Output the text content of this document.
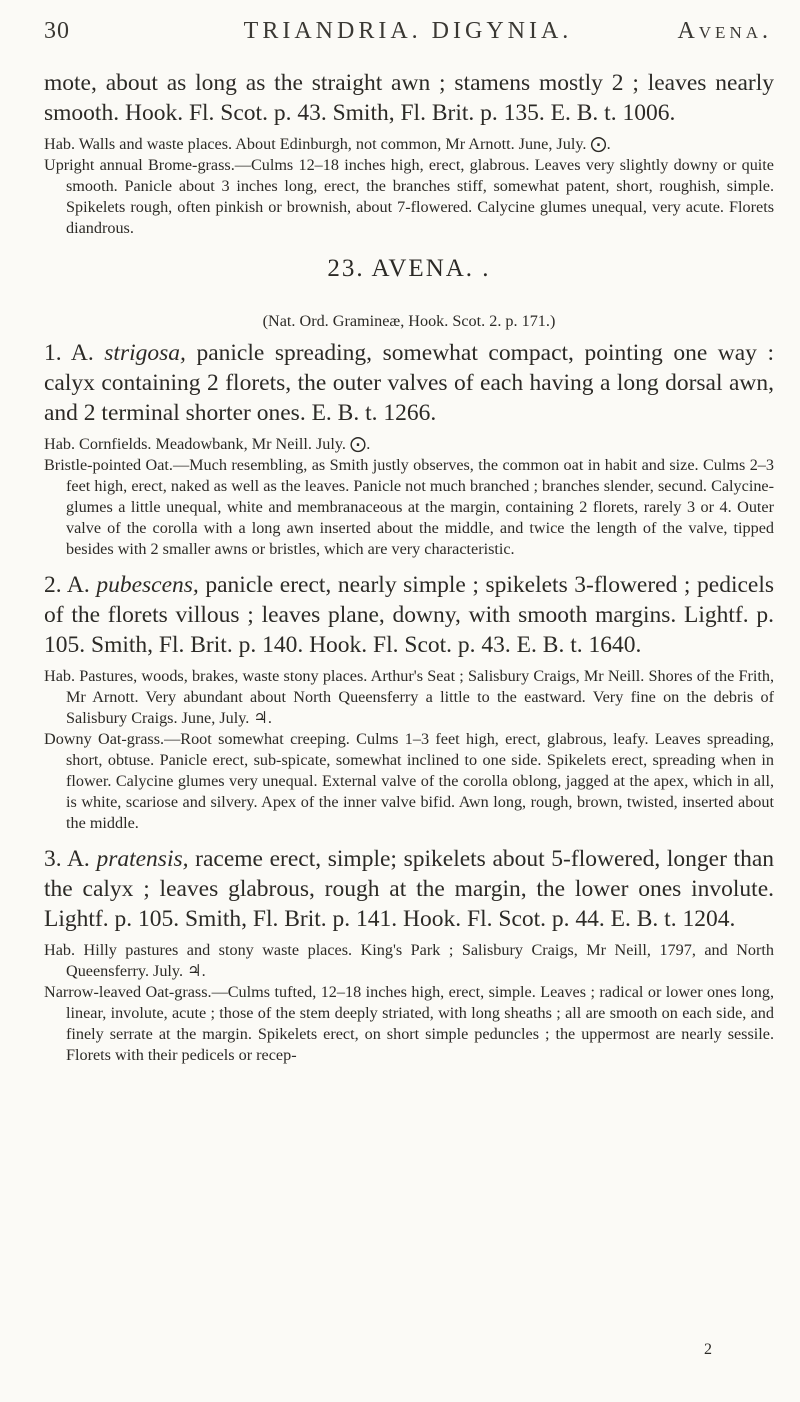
30	TRIANDRIA. DIGYNIA.	Avena.

mote, about as long as the straight awn ; stamens mostly 2 ; leaves nearly smooth. Hook. Fl. Scot. p. 43. Smith, Fl. Brit. p. 135. E. B. t. 1006.

Hab. Walls and waste places. About Edinburgh, not common, Mr Arnott. June, July. ⨀.

Upright annual Brome-grass.—Culms 12–18 inches high, erect, glabrous. Leaves very slightly downy or quite smooth. Panicle about 3 inches long, erect, the branches stiff, somewhat patent, short, roughish, simple. Spikelets rough, often pinkish or brownish, about 7-flowered. Calycine glumes unequal, very acute. Florets diandrous.

23. AVENA. .

(Nat. Ord. Gramineæ, Hook. Scot. 2. p. 171.)

1. A. strigosa, panicle spreading, somewhat compact, pointing one way : calyx containing 2 florets, the outer valves of each having a long dorsal awn, and 2 terminal shorter ones. E. B. t. 1266.

Hab. Cornfields. Meadowbank, Mr Neill. July. ⨀.

Bristle-pointed Oat.—Much resembling, as Smith justly observes, the common oat in habit and size. Culms 2–3 feet high, erect, naked as well as the leaves. Panicle not much branched ; branches slender, secund. Calycine-glumes a little unequal, white and membranaceous at the margin, containing 2 florets, rarely 3 or 4. Outer valve of the corolla with a long awn inserted about the middle, and twice the length of the valve, tipped besides with 2 smaller awns or bristles, which are very characteristic.

2. A. pubescens, panicle erect, nearly simple ; spikelets 3-flowered ; pedicels of the florets villous ; leaves plane, downy, with smooth margins. Lightf. p. 105. Smith, Fl. Brit. p. 140. Hook. Fl. Scot. p. 43. E. B. t. 1640.

Hab. Pastures, woods, brakes, waste stony places. Arthur's Seat ; Salisbury Craigs, Mr Neill. Shores of the Frith, Mr Arnott. Very abundant about North Queensferry a little to the eastward. Very fine on the debris of Salisbury Craigs. June, July. ♃.

Downy Oat-grass.—Root somewhat creeping. Culms 1–3 feet high, erect, glabrous, leafy. Leaves spreading, short, obtuse. Panicle erect, sub-spicate, somewhat inclined to one side. Spikelets erect, spreading when in flower. Calycine glumes very unequal. External valve of the corolla oblong, jagged at the apex, which in all, is white, scariose and silvery. Apex of the inner valve bifid. Awn long, rough, brown, twisted, inserted about the middle.

3. A. pratensis, raceme erect, simple; spikelets about 5-flowered, longer than the calyx ; leaves glabrous, rough at the margin, the lower ones involute. Lightf. p. 105. Smith, Fl. Brit. p. 141. Hook. Fl. Scot. p. 44. E. B. t. 1204.

Hab. Hilly pastures and stony waste places. King's Park ; Salisbury Craigs, Mr Neill, 1797, and North Queensferry. July. ♃.

Narrow-leaved Oat-grass.—Culms tufted, 12–18 inches high, erect, simple. Leaves ; radical or lower ones long, linear, involute, acute ; those of the stem deeply striated, with long sheaths ; all are smooth on each side, and finely serrate at the margin. Spikelets erect, on short simple peduncles ; the uppermost are nearly sessile. Florets with their pedicels or recep-

2
